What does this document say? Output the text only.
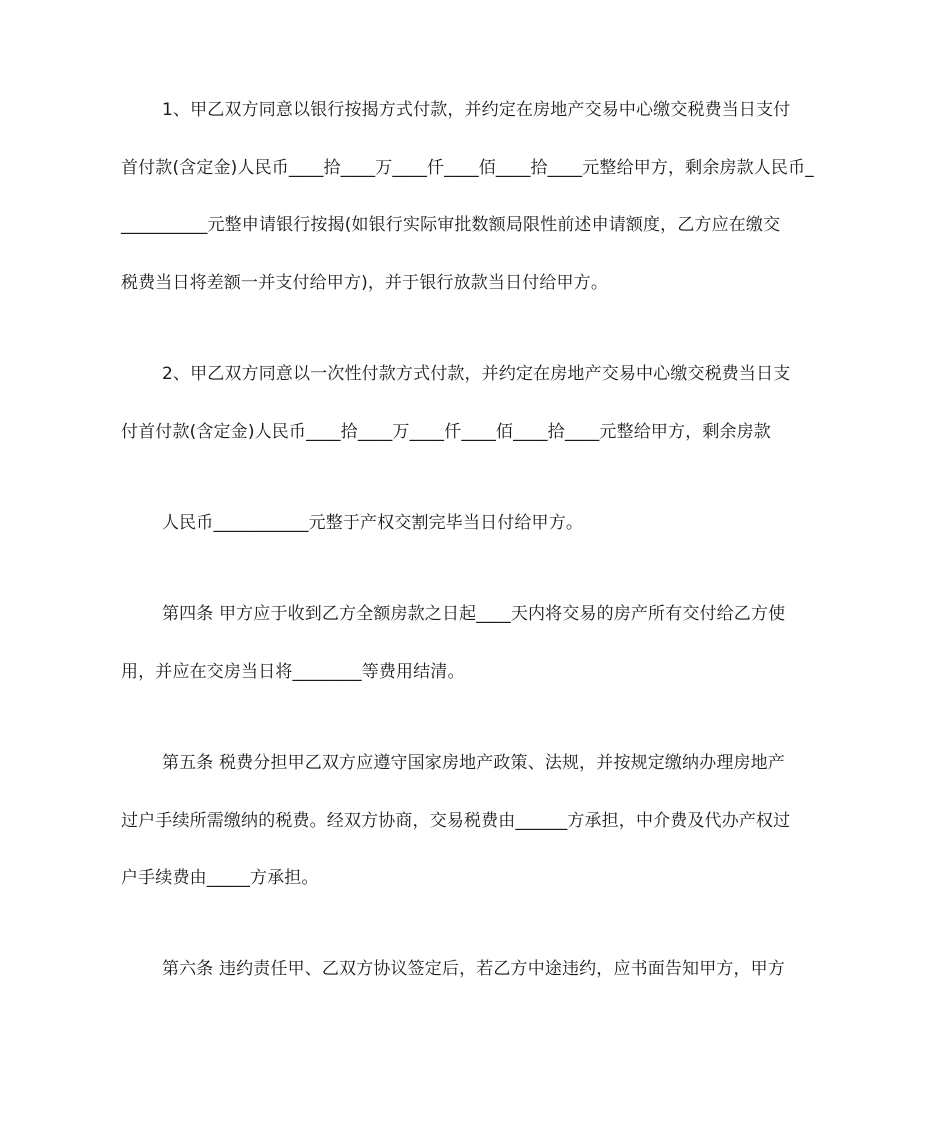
1、甲乙双方同意以银行按揭方式付款，并约定在房地产交易中心缴交税费当日支付
首付款(含定金)人民币____拾____万____仟____佰____拾____元整给甲方，剩余房款人民币_
__________元整申请银行按揭(如银行实际审批数额局限性前述申请额度，乙方应在缴交
税费当日将差额一并支付给甲方)，并于银行放款当日付给甲方。
2、甲乙双方同意以一次性付款方式付款，并约定在房地产交易中心缴交税费当日支
付首付款(含定金)人民币____拾____万____仟____佰____拾____元整给甲方，剩余房款
人民币___________元整于产权交割完毕当日付给甲方。
第四条 甲方应于收到乙方全额房款之日起____天内将交易的房产所有交付给乙方使
用，并应在交房当日将________等费用结清。
第五条 税费分担甲乙双方应遵守国家房地产政策、法规，并按规定缴纳办理房地产
过户手续所需缴纳的税费。经双方协商，交易税费由______方承担，中介费及代办产权过
户手续费由_____方承担。
第六条 违约责任甲、乙双方协议签定后，若乙方中途违约，应书面告知甲方，甲方
